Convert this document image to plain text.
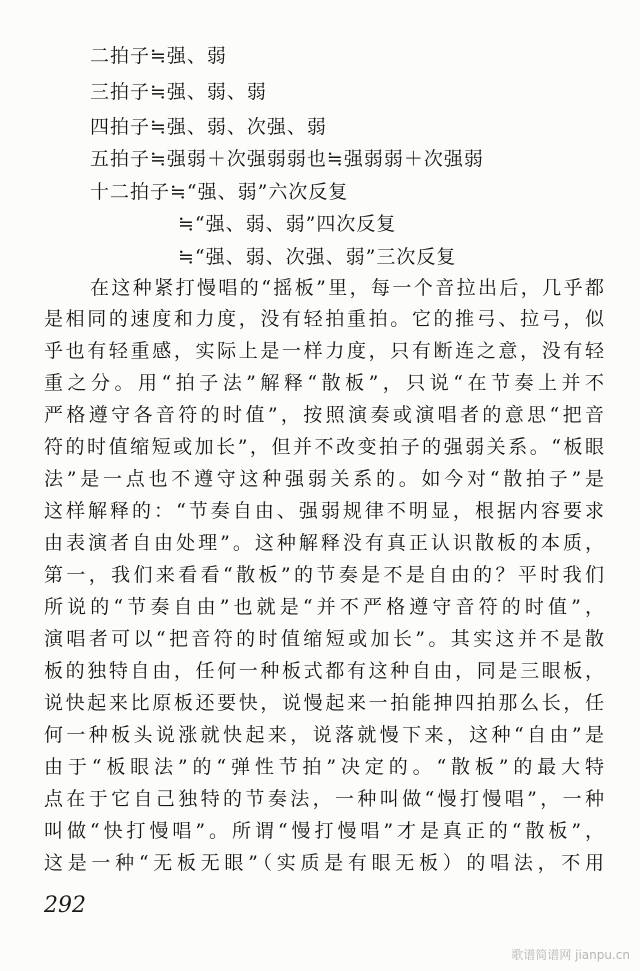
二拍子≒强、弱
三拍子≒强、弱、弱
四拍子≒强、弱、次强、弱
五拍子≒强弱＋次强弱弱也≒强弱弱＋次强弱
十二拍子≒“强、弱”六次反复
≒“强、弱、弱”四次反复
≒“强、弱、次强、弱”三次反复
在这种紧打慢唱的“摇板”里，每一个音拉出后，几乎都
是相同的速度和力度，没有轻拍重拍。它的推弓、拉弓，似
乎也有轻重感，实际上是一样力度，只有断连之意，没有轻
重之分。用“拍子法”解释“散板”，只说“在节奏上并不
严格遵守各音符的时值”，按照演奏或演唱者的意思“把音
符的时值缩短或加长”，但并不改变拍子的强弱关系。“板眼
法”是一点也不遵守这种强弱关系的。如今对“散拍子”是
这样解释的：“节奏自由、强弱规律不明显，根据内容要求
由表演者自由处理”。这种解释没有真正认识散板的本质，
第一，我们来看看“散板”的节奏是不是自由的？平时我们
所说的“节奏自由”也就是“并不严格遵守音符的时值”，
演唱者可以“把音符的时值缩短或加长”。其实这并不是散
板的独特自由，任何一种板式都有这种自由，同是三眼板，
说快起来比原板还要快，说慢起来一拍能抻四拍那么长，任
何一种板头说涨就快起来，说落就慢下来，这种“自由”是
由于“板眼法”的“弹性节拍”决定的。“散板”的最大特
点在于它自己独特的节奏法，一种叫做“慢打慢唱”，一种
叫做“快打慢唱”。所谓“慢打慢唱”才是真正的“散板”，
这是一种“无板无眼”（实质是有眼无板）的唱法，不用
292
歌谱简谱网 jianpu.cn
